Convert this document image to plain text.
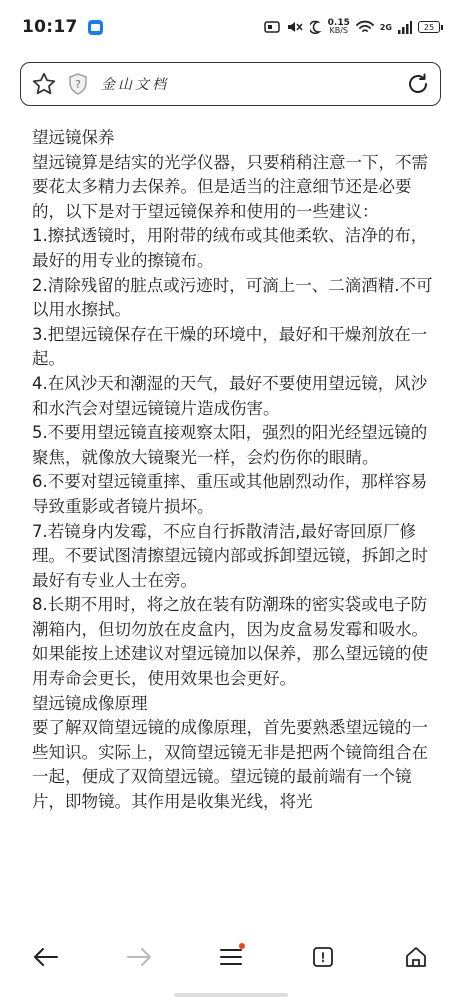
10:17	0.15
KB/S	2G	25
? 金山文档

望远镜保养

望远镜算是结实的光学仪器，只要稍稍注意一下，不需要花太多精力去保养。但是适当的注意细节还是必要的，以下是对于望远镜保养和使用的一些建议：

1.擦拭透镜时，用附带的绒布或其他柔软、洁净的布，最好的用专业的擦镜布。

2.清除残留的脏点或污迹时，可滴上一、二滴酒精.不可以用水擦拭。

3.把望远镜保存在干燥的环境中，最好和干燥剂放在一起。

4.在风沙天和潮湿的天气，最好不要使用望远镜，风沙和水汽会对望远镜镜片造成伤害。

5.不要用望远镜直接观察太阳，强烈的阳光经望远镜的聚焦，就像放大镜聚光一样，会灼伤你的眼睛。

6.不要对望远镜重摔、重压或其他剧烈动作，那样容易导致重影或者镜片损坏。

7.若镜身内发霉，不应自行拆散清洁,最好寄回原厂修理。不要试图清擦望远镜内部或拆卸望远镜，拆卸之时最好有专业人士在旁。

8.长期不用时，将之放在装有防潮珠的密实袋或电子防潮箱内，但切勿放在皮盒内，因为皮盒易发霉和吸水。

如果能按上述建议对望远镜加以保养，那么望远镜的使用寿命会更长，使用效果也会更好。

望远镜成像原理

要了解双筒望远镜的成像原理，首先要熟悉望远镜的一些知识。实际上，双筒望远镜无非是把两个镜筒组合在一起，便成了双筒望远镜。望远镜的最前端有一个镜片，即物镜。其作用是收集光线，将光
